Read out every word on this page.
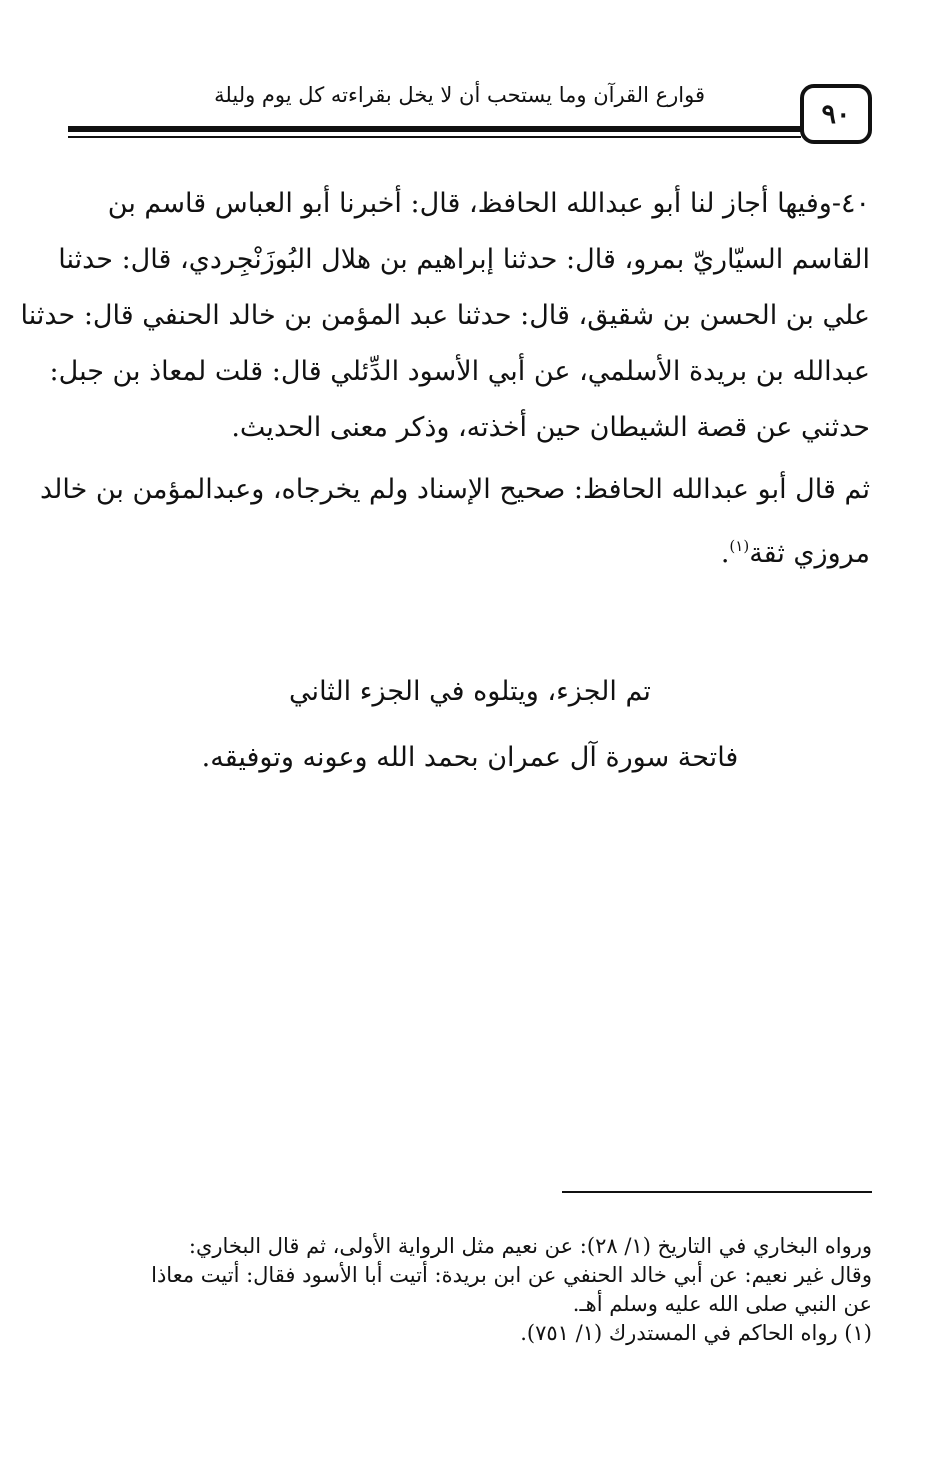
قوارع القرآن وما يستحب أن لا يخل بقراءته كل يوم وليلة
٩٠
٤٠-وفيها أجاز لنا أبو عبدالله الحافظ، قال: أخبرنا أبو العباس قاسم بن
القاسم السيّاريّ بمرو، قال: حدثنا إبراهيم بن هلال البُوزَنْجِردي، قال: حدثنا
علي بن الحسن بن شقيق، قال: حدثنا عبد المؤمن بن خالد الحنفي قال: حدثنا
عبدالله بن بريدة الأسلمي، عن أبي الأسود الدِّئلي قال: قلت لمعاذ بن جبل:
حدثني عن قصة الشيطان حين أخذته، وذكر معنى الحديث.
ثم قال أبو عبدالله الحافظ: صحيح الإسناد ولم يخرجاه، وعبدالمؤمن بن خالد
مروزي ثقة$^{(١)}$.
تم الجزء، ويتلوه في الجزء الثاني
فاتحة سورة آل عمران بحمد الله وعونه وتوفيقه.
ورواه البخاري في التاريخ (١/ ٢٨): عن نعيم مثل الرواية الأولى، ثم قال البخاري:
وقال غير نعيم: عن أبي خالد الحنفي عن ابن بريدة: أتيت أبا الأسود فقال: أتيت معاذا
عن النبي صلى الله عليه وسلم أهـ.
(١) رواه الحاكم في المستدرك (١/ ٧٥١).
